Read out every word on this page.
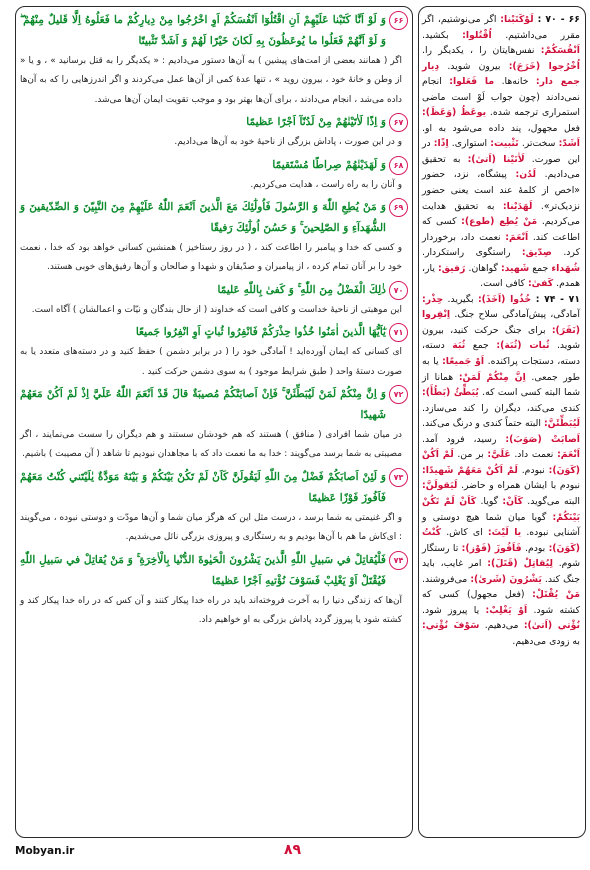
۶۶
وَ لَوْ اَنَّا كَتَبْنا عَلَيْهِمْ اَنِ اقْتُلُوٓا اَنْفُسَكُمْ اَوِ اخْرُجُوا مِنْ دِيارِكُمْ ما فَعَلُوهُ اِلَّا قَليلٌ مِنْهُمْ ۖ وَ لَوْ اَنَّهُمْ فَعَلُوا ما يُوعَظُونَ بِهِ لَكانَ خَيْرًا لَهُمْ وَ اَشَدَّ تَثْبيتًا
اگر ( همانند بعضی از امت‌های پیشین ) به آن‌ها دستور می‌دادیم : « یکدیگر را به قتل برسانید » ، و یا « از وطن و خانهٔ خود ، بیرون روید » ، تنها عدهٔ کمی از آن‌ها عمل می‌کردند و اگر اندرزهایی را که به آن‌ها داده می‌شد ، انجام می‌دادند ، برای آن‌ها بهتر بود و موجب تقویت ایمان آن‌ها می‌شد.
۶۷
وَ اِذًا لَاٰتَيْنٰهُمْ مِنْ لَدُنّآ اَجْرًا عَظيمًا
و در این صورت ، پاداش بزرگی از ناحیهٔ خود به آن‌ها می‌دادیم.
۶۸
وَ لَهَدَيْنٰهُمْ صِراطًا مُسْتَقيمًا
و آنان را به راه راست ، هدایت می‌کردیم.
۶۹
وَ مَنْ يُطِعِ اللّٰهَ وَ الرَّسُولَ فَاُولٰٓئِكَ مَعَ الَّذينَ اَنْعَمَ اللّٰهُ عَلَيْهِمْ مِنَ النَّبِيّنَ وَ الصِّدّيقينَ وَ الشُّهَدآءِ وَ الصّٰلِحينَ ۚ وَ حَسُنَ اُولٰٓئِكَ رَفيقًا
و کسی که خدا و پیامبر را اطاعت کند ، ( در روز رستاخیز ) همنشین کسانی خواهد بود که خدا ، نعمت خود را بر آنان تمام کرده ، از پیامبران و صدّیقان و شهدا و صالحان و آن‌ها رفیق‌های خوبی هستند.
۷۰
ذٰلِكَ الْفَضْلُ مِنَ اللّٰهِ ۚ وَ كَفىٰ بِاللّٰهِ عَليمًا
این موهبتی از ناحیهٔ خداست و کافی است که خداوند ( از حال بندگان و نیّات و اعمالشان ) آگاه است.
۷۱
يٰٓاَيُّهَا الَّذينَ اٰمَنُوا خُذُوا حِذْرَكُمْ فَانْفِرُوا ثُباتٍ اَوِ انْفِرُوا جَميعًا
ای کسانی که ایمان آورده‌اید ! آمادگی خود را ( در برابر دشمن ) حفظ کنید و در دسته‌های متعدد یا به صورت دستهٔ واحد ( طبق شرایط موجود ) به سوی دشمن حرکت کنید .
۷۲
وَ اِنَّ مِنْكُمْ لَمَنْ لَيُبَطِّئَنَّ ۚ فَاِنْ اَصابَتْكُمْ مُصيبَةٌ قالَ قَدْ اَنْعَمَ اللّٰهُ عَلَيَّ اِذْ لَمْ اَكُنْ مَعَهُمْ شَهيدًا
در میان شما افرادی ( منافق ) هستند که هم خودشان سستند و هم دیگران را سست می‌نمایند ، اگر مصیبتی به شما برسد می‌گویند : خدا به ما نعمت داد که با مجاهدان نبودیم تا شاهد ( آن مصیبت ) باشیم.
۷۳
وَ لَئِنْ اَصابَكُمْ فَضْلٌ مِنَ اللّٰهِ لَيَقُولَنَّ كَاَنْ لَمْ تَكُنْ بَيْنَكُمْ وَ بَيْنَهُ مَوَدَّةٌ يٰلَيْتَني كُنْتُ مَعَهُمْ فَاَفُوزَ فَوْزًا عَظيمًا
و اگر غنیمتی به شما برسد ، درست مثل این که هرگز میان شما و آن‌ها مودّت و دوستی نبوده ، می‌گویند : ای‌کاش ما هم با آن‌ها بودیم و به رستگاری و پیروزی بزرگی نائل می‌شدیم.
۷۴
فَلْيُقاتِلْ في سَبيلِ اللّٰهِ الَّذينَ يَشْرُونَ الْحَيٰوةَ الدُّنْيا بِالْاٰخِرَةِ ۚ وَ مَنْ يُقاتِلْ في سَبيلِ اللّٰهِ فَيُقْتَلْ اَوْ يَغْلِبْ فَسَوْفَ نُؤْتيهِ اَجْرًا عَظيمًا
آن‌ها که زندگی دنیا را به آخرت فروخته‌اند باید در راه خدا پیکار کنند و آن کس که در راه خدا پیکار کند و کشته شود یا پیروز گردد پاداش بزرگی به او خواهیم داد.
۶۶ - ۷۰ : لَوْكَتَبْنا: اگر می‌نوشتیم، اگر مقرر می‌داشتیم. اُقْتُلوا: بکشید. اَنْفُسَكُمْ: نفس‌هایتان را ، یکدیگر را. اُخْرُجوا (خَرَجَ): بیرون شوید. دِيار جمع دار: خانه‌ها. ما فَعَلوا: انجام نمی‌دادند (چون جواب لَوْ است ماضی استمراری ترجمه شده. يوعَظُ (وَعَظَ): فعل مجهول، پند داده می‌شود به او. اَشَدّ: سخت‌تر. تَثْبيت: استواری. اِذًا: در این صورت. لَاٰتَيْنا (اَتىٰ): به تحقیق می‌دادیم. لَدُن: پیشگاه، نزد، حضور «اخص از کلمهٔ عند است یعنی حضور نزدیک‌تر». لَهَدَيْنا: به تحقیق هدایت می‌کردیم. مَنْ يُطِع (طوع): کسی که اطاعت کند. اَنْعَمَ: نعمت داد، برخوردار کرد. صِدّيق: راستگوی راستکردار. شُهَداء جمع شَهيد: گواهان. رَفيق: یار، همدم. كَفىٰ: کافی است.
۷۱ - ۷۴ : خُذُوا (اَخَذَ): بگیرید. حِذْر: آمادگی، پیش‌آمادگی سلاح جنگ. اِنْفِروا (نَفَرَ): برای جنگ حرکت کنید، بیرون شوید. ثُبات (ثُبَة): جمع ثُبَة دسته، دسته، دستجات پراکنده. اَوْ جَميعًا: یا به طور جمعی. اِنَّ مِنْكُمْ لَمَنْ: همانا از شما البته کسی است که. يُبَطِّئُ (بَطُأَ): کندی می‌کند، دیگران را کند می‌سازد. لَيُبَطِّئَنَّ: البته حتماً کندی و درنگ می‌کند. اَصابَتْ (صَوَبَ): رسید، فرود آمد. اَنْعَمَ: نعمت داد. عَلَيَّ: بر من. لَمْ اَكُنْ (كَوَنَ): نبودم. لَمْ اَكُنْ مَعَهُمْ شَهيدًا: نبودم با ایشان همراه و حاضر. لَيَقولَنَّ: البته می‌گوید. كَاَنْ: گویا. كَاَنْ لَمْ تَكُنْ بَيْنَكُمْ: گویا میان شما هیچ دوستی و آشنایی نبوده. يا لَيْتَ: ای کاش. كُنْتُ (كَوَنَ): بودم. فَاَفُوزَ (فَوْز): تا رستگار شوم. لِيُقاتِلْ (قَتَلَ): امر غایب، باید جنگ کند. يَشْرُونَ (شَرىٰ): می‌فروشند. مَنْ يُقْتَلْ: (فعل مجهول) کسی که کشته شود. اَوْ يَغْلِبْ: یا پیروز شود. نُؤْتي (اَتىٰ): می‌دهیم. سَوْفَ نُؤْتي: به زودی می‌دهیم.
Mobyan.ir	۸۹
